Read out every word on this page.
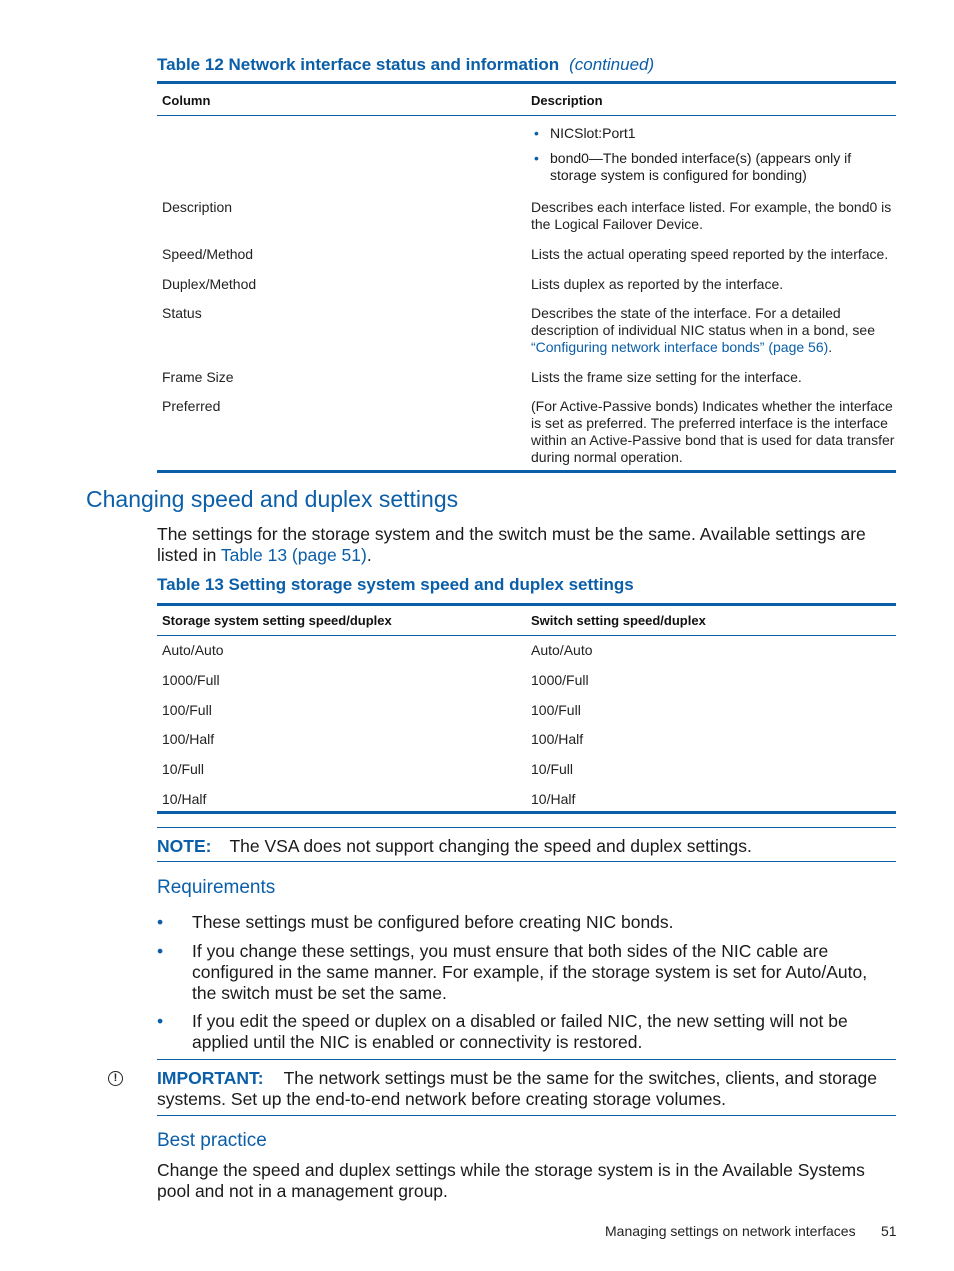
Table 12 Network interface status and information (continued)
Column	Description
• NICSlot:Port1
• bond0—The bonded interface(s) (appears only if storage system is configured for bonding)
Description	Describes each interface listed. For example, the bond0 is the Logical Failover Device.
Speed/Method	Lists the actual operating speed reported by the interface.
Duplex/Method	Lists duplex as reported by the interface.
Status	Describes the state of the interface. For a detailed description of individual NIC status when in a bond, see “Configuring network interface bonds” (page 56).
Frame Size	Lists the frame size setting for the interface.
Preferred	(For Active-Passive bonds) Indicates whether the interface is set as preferred. The preferred interface is the interface within an Active-Passive bond that is used for data transfer during normal operation.
Changing speed and duplex settings
The settings for the storage system and the switch must be the same. Available settings are listed in Table 13 (page 51).
Table 13 Setting storage system speed and duplex settings
Storage system setting speed/duplex	Switch setting speed/duplex
Auto/Auto	Auto/Auto
1000/Full	1000/Full
100/Full	100/Full
100/Half	100/Half
10/Full	10/Full
10/Half	10/Half
NOTE: The VSA does not support changing the speed and duplex settings.
Requirements
• These settings must be configured before creating NIC bonds.
• If you change these settings, you must ensure that both sides of the NIC cable are configured in the same manner. For example, if the storage system is set for Auto/Auto, the switch must be set the same.
• If you edit the speed or duplex on a disabled or failed NIC, the new setting will not be applied until the NIC is enabled or connectivity is restored.
!	IMPORTANT: The network settings must be the same for the switches, clients, and storage systems. Set up the end-to-end network before creating storage volumes.
Best practice
Change the speed and duplex settings while the storage system is in the Available Systems pool and not in a management group.
Managing settings on network interfaces 51
